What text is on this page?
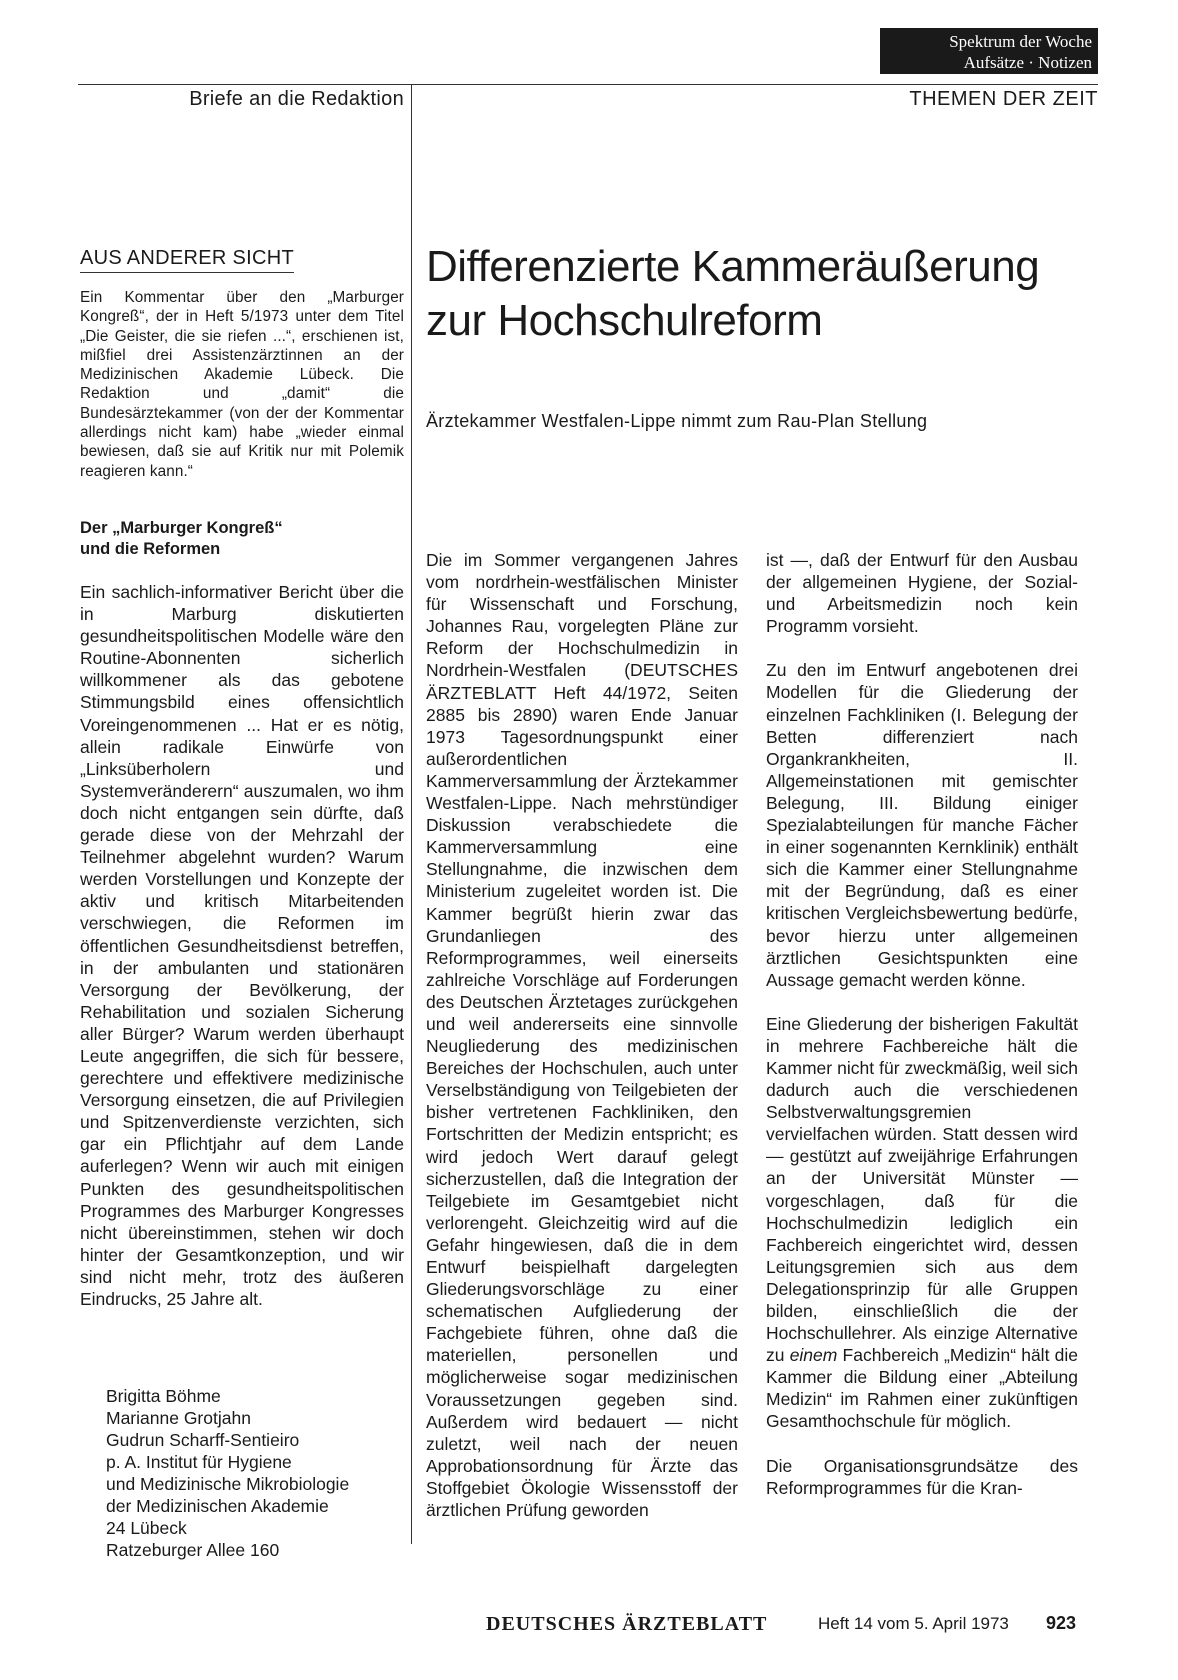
Spektrum der Woche
Aufsätze · Notizen
Briefe an die Redaktion	THEMEN DER ZEIT
AUS ANDERER SICHT
Ein Kommentar über den „Marburger Kongreß“, der in Heft 5/1973 unter dem Titel „Die Geister, die sie riefen ...“, erschienen ist, mißfiel drei Assistenzärztinnen an der Medizinischen Akademie Lübeck. Die Redaktion und „damit“ die Bundesärztekammer (von der der Kommentar allerdings nicht kam) habe „wieder einmal bewiesen, daß sie auf Kritik nur mit Polemik reagieren kann.“
Differenzierte Kammeräußerung
zur Hochschulreform
Ärztekammer Westfalen-Lippe nimmt zum Rau-Plan Stellung
Der „Marburger Kongreß“
und die Reformen
Ein sachlich-informativer Bericht über die in Marburg diskutierten gesundheitspolitischen Modelle wäre den Routine-Abonnenten sicherlich willkommener als das gebotene Stimmungsbild eines offensichtlich Voreingenommenen ... Hat er es nötig, allein radikale Einwürfe von „Linksüberholern und Systemveränderern“ auszumalen, wo ihm doch nicht entgangen sein dürfte, daß gerade diese von der Mehrzahl der Teilnehmer abgelehnt wurden? Warum werden Vorstellungen und Konzepte der aktiv und kritisch Mitarbeitenden verschwiegen, die Reformen im öffentlichen Gesundheitsdienst betreffen, in der ambulanten und stationären Versorgung der Bevölkerung, der Rehabilitation und sozialen Sicherung aller Bürger? Warum werden überhaupt Leute angegriffen, die sich für bessere, gerechtere und effektivere medizinische Versorgung einsetzen, die auf Privilegien und Spitzenverdienste verzichten, sich gar ein Pflichtjahr auf dem Lande auferlegen? Wenn wir auch mit einigen Punkten des gesundheitspolitischen Programmes des Marburger Kongresses nicht übereinstimmen, stehen wir doch hinter der Gesamtkonzeption, und wir sind nicht mehr, trotz des äußeren Eindrucks, 25 Jahre alt.
Brigitta Böhme
Marianne Grotjahn
Gudrun Scharff-Sentieiro
p. A. Institut für Hygiene
und Medizinische Mikrobiologie
der Medizinischen Akademie
24 Lübeck
Ratzeburger Allee 160

Die im Sommer vergangenen Jahres vom nordrhein-westfälischen Minister für Wissenschaft und Forschung, Johannes Rau, vorgelegten Pläne zur Reform der Hochschulmedizin in Nordrhein-Westfalen (DEUTSCHES ÄRZTEBLATT Heft 44/1972, Seiten 2885 bis 2890) waren Ende Januar 1973 Tagesordnungspunkt einer außerordentlichen Kammerversammlung der Ärztekammer Westfalen-Lippe. Nach mehrstündiger Diskussion verabschiedete die Kammerversammlung eine Stellungnahme, die inzwischen dem Ministerium zugeleitet worden ist. Die Kammer begrüßt hierin zwar das Grundanliegen des Reformprogrammes, weil einerseits zahlreiche Vorschläge auf Forderungen des Deutschen Ärztetages zurückgehen und weil andererseits eine sinnvolle Neugliederung des medizinischen Bereiches der Hochschulen, auch unter Verselbständigung von Teilgebieten der bisher vertretenen Fachkliniken, den Fortschritten der Medizin entspricht; es wird jedoch Wert darauf gelegt sicherzustellen, daß die Integration der Teilgebiete im Gesamtgebiet nicht verlorengeht. Gleichzeitig wird auf die Gefahr hingewiesen, daß die in dem Entwurf beispielhaft dargelegten Gliederungsvorschläge zu einer schematischen Aufgliederung der Fachgebiete führen, ohne daß die materiellen, personellen und möglicherweise sogar medizinischen Voraussetzungen gegeben sind. Außerdem wird bedauert — nicht zuletzt, weil nach der neuen Approbationsordnung für Ärzte das Stoffgebiet Ökologie Wissensstoff der ärztlichen Prüfung geworden

ist —, daß der Entwurf für den Ausbau der allgemeinen Hygiene, der Sozial- und Arbeitsmedizin noch kein Programm vorsieht.

Zu den im Entwurf angebotenen drei Modellen für die Gliederung der einzelnen Fachkliniken (I. Belegung der Betten differenziert nach Organkrankheiten, II. Allgemeinstationen mit gemischter Belegung, III. Bildung einiger Spezialabteilungen für manche Fächer in einer sogenannten Kernklinik) enthält sich die Kammer einer Stellungnahme mit der Begründung, daß es einer kritischen Vergleichsbewertung bedürfe, bevor hierzu unter allgemeinen ärztlichen Gesichtspunkten eine Aussage gemacht werden könne.

Eine Gliederung der bisherigen Fakultät in mehrere Fachbereiche hält die Kammer nicht für zweckmäßig, weil sich dadurch auch die verschiedenen Selbstverwaltungsgremien vervielfachen würden. Statt dessen wird — gestützt auf zweijährige Erfahrungen an der Universität Münster — vorgeschlagen, daß für die Hochschulmedizin lediglich ein Fachbereich eingerichtet wird, dessen Leitungsgremien sich aus dem Delegationsprinzip für alle Gruppen bilden, einschließlich die der Hochschullehrer. Als einzige Alternative zu einem Fachbereich „Medizin“ hält die Kammer die Bildung einer „Abteilung Medizin“ im Rahmen einer zukünftigen Gesamthochschule für möglich.

Die Organisationsgrundsätze des Reformprogrammes für die Kran-

DEUTSCHES ÄRZTEBLATT	Heft 14 vom 5. April 1973 923
